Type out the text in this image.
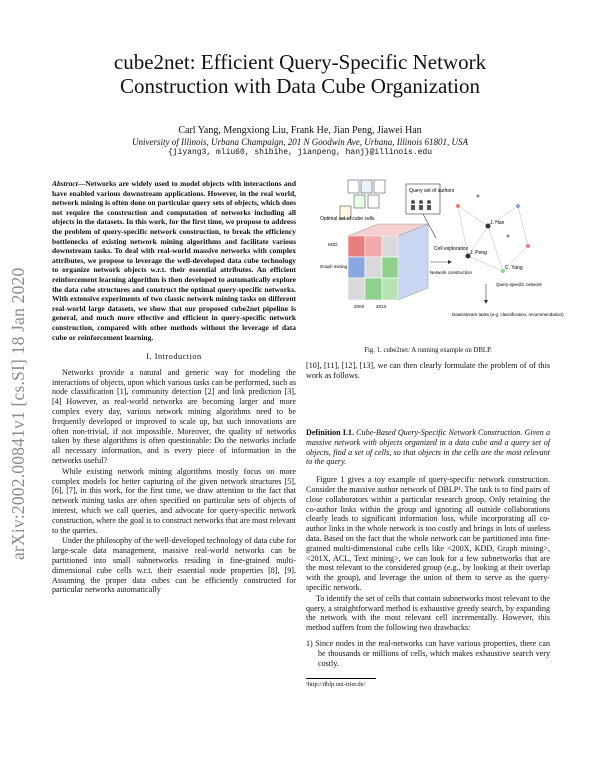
arXiv:2002.00841v1 [cs.SI] 18 Jan 2020
cube2net: Efficient Query-Specific Network Construction with Data Cube Organization
Carl Yang, Mengxiong Liu, Frank He, Jian Peng, Jiawei Han
University of Illinois, Urbana Champaign, 201 N Goodwin Ave, Urbana, Illinois 61801, USA
{jiyang3, mliu60, shibihe, jianpeng, hanj}@illinois.edu
Abstract—Networks are widely used to model objects with interactions and have enabled various downstream applications. However, in the real world, network mining is often done on particular query sets of objects, which does not require the construction and computation of networks including all objects in the datasets. In this work, for the first time, we propose to address the problem of query-specific network construction, to break the efficiency bottlenecks of existing network mining algorithms and facilitate various downstream tasks. To deal with real-world massive networks with complex attributes, we propose to leverage the well-developed data cube technology to organize network objects w.r.t. their essential attributes. An efficient reinforcement learning algorithm is then developed to automatically explore the data cube structures and construct the optimal query-specific networks. With extensive experiments of two classic network mining tasks on different real-world large datasets, we show that our proposed cube2net pipeline is general, and much more effective and efficient in query-specific network construction, compared with other methods without the leverage of data cube or reinforcement learning.
I. Introduction

Networks provide a natural and generic way for modeling the interactions of objects, upon which various tasks can be performed, such as node classification [1], community detection [2] and link prediction [3], [4] However, as real-world networks are becoming larger and more complex every day, various network mining algorithms need to be frequently developed or improved to scale up, but such innovations are often non-trivial, if not impossible. Moreover, the quality of networks taken by these algorithms is often questionable: Do the networks include all necessary information, and is every piece of information in the networks useful?

While existing network mining algorithms mostly focus on more complex models for better capturing of the given network structures [5], [6], [7], in this work, for the first time, we draw attention to the fact that network mining tasks are often specified on particular sets of objects of interest, which we call queries, and advocate for query-specific network construction, where the goal is to construct networks that are most relevant to the queries.

Under the philosophy of the well-developed technology of data cube for large-scale data management, massive real-world networks can be partitioned into small subnetworks residing in fine-grained multi-dimensional cube cells w.r.t. their essential node properties [8], [9]. Assuming the proper data cubes can be efficiently constructed for particular networks automatically

Query set of authors
Optimal set of cube cells
KDD
Graph mining
200X	201X
Cell exploration
Network construction
J. Han
J. Peng
C. Yang
Query-specific network
Downstream tasks (e.g. classification, recommendation)
Fig. 1. cube2net: A running example on DBLP.

[10], [11], [12], [13], we can then clearly formulate the problem of of this work as follows.

Definition I.1. Cube-Based Query-Specific Network Construction. Given a massive network with objects organized in a data cube and a query set of objects, find a set of cells, so that objects in the cells are the most relevant to the query.

Figure 1 gives a toy example of query-specific network construction. Consider the massive author network of DBLP¹. The task is to find pairs of close collaborators within a particular research group. Only retaining the co-author links within the group and ignoring all outside collaborations clearly leads to significant information loss, while incorporating all co-author links in the whole network is too costly and brings in lots of useless data. Based on the fact that the whole network can be partitioned into fine-grained multi-dimensional cube cells like <200X, KDD, Graph mining>, <201X, ACL, Text mining>, we can look for a few subnetworks that are the most relevant to the considered group (e.g., by looking at their overlap with the group), and leverage the union of them to serve as the query-specific network.

To identify the set of cells that contain subnetworks most relevant to the query, a straightforward method is exhaustive greedy search, by expanding the network with the most relevant cell incrementally. However, this method suffers from the following two drawbacks:

1) Since nodes in the real-networks can have various properties, there can be thousands or millions of cells, which makes exhaustive search very costly.
¹http://dblp.uni-trier.de/
